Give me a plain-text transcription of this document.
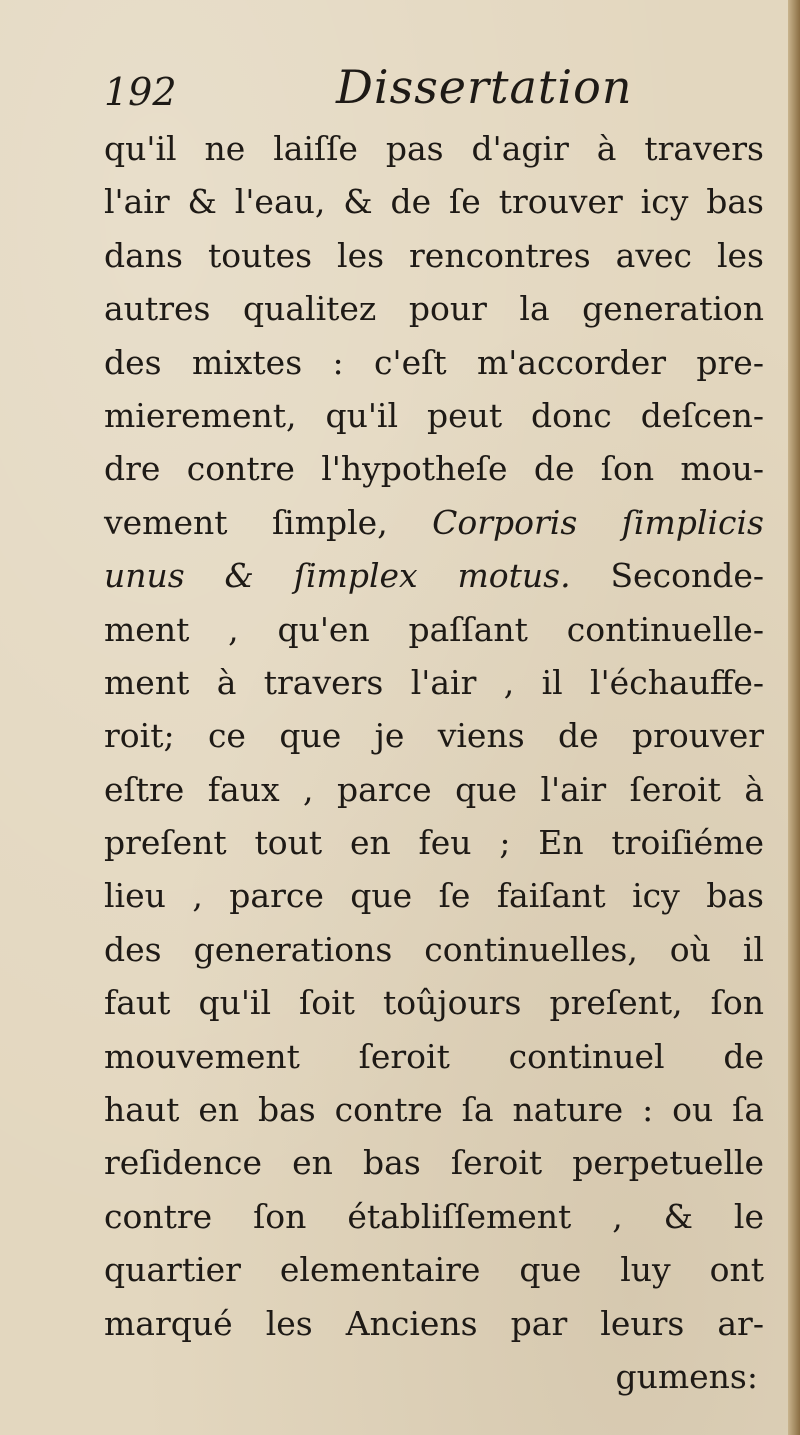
192	Dissertation
qu'il ne laiſſe pas d'agir à travers
l'air & l'eau, & de ſe trouver icy bas
dans toutes les rencontres avec les
autres qualitez pour la generation
des mixtes : c'eſt m'accorder pre-
mierement, qu'il peut donc deſcen-
dre contre l'hypotheſe de ſon mou-
vement ſimple, Corporis ſimplicis
unus & ſimplex motus. Seconde-
ment , qu'en paſſant continuelle-
ment à travers l'air , il l'échauffe-
roit; ce que je viens de prouver
eſtre faux , parce que l'air ſeroit à
preſent tout en feu ; En troiſiéme
lieu , parce que ſe faiſant icy bas
des generations continuelles, où il
faut qu'il ſoit toûjours preſent, ſon
mouvement ſeroit continuel de
haut en bas contre ſa nature : ou ſa
reſidence en bas ſeroit perpetuelle
contre ſon établiſſement , & le
quartier elementaire que luy ont
marqué les Anciens par leurs ar-
gumens:
